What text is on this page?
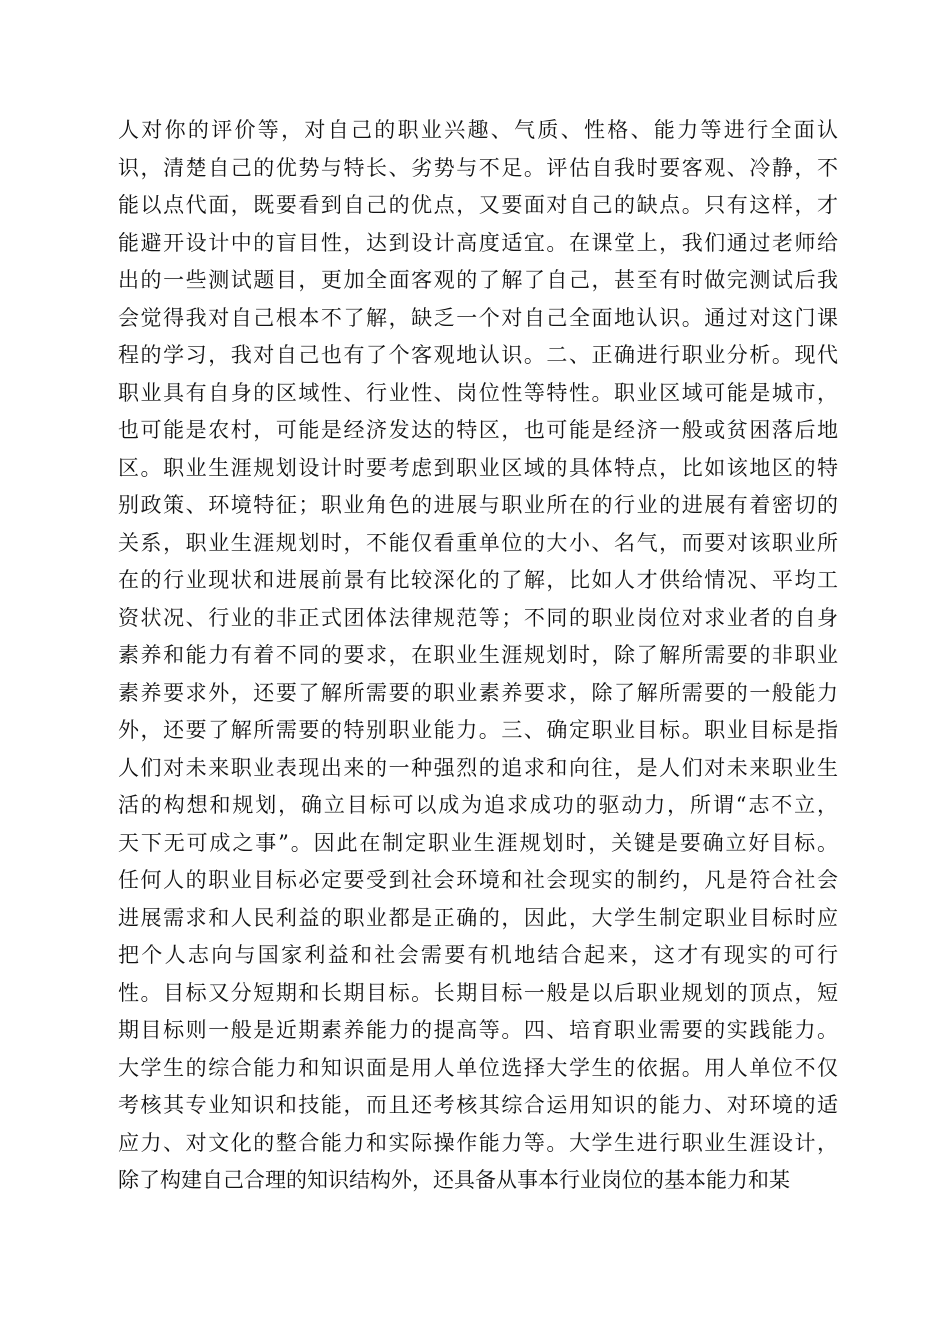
人对你的评价等，对自己的职业兴趣、气质、性格、能力等进行全面认
识，清楚自己的优势与特长、劣势与不足。评估自我时要客观、冷静，不
能以点代面，既要看到自己的优点，又要面对自己的缺点。只有这样，才
能避开设计中的盲目性，达到设计高度适宜。在课堂上，我们通过老师给
出的一些测试题目，更加全面客观的了解了自己，甚至有时做完测试后我
会觉得我对自己根本不了解，缺乏一个对自己全面地认识。通过对这门课
程的学习，我对自己也有了个客观地认识。二、正确进行职业分析。现代
职业具有自身的区域性、行业性、岗位性等特性。职业区域可能是城市，
也可能是农村，可能是经济发达的特区，也可能是经济一般或贫困落后地
区。职业生涯规划设计时要考虑到职业区域的具体特点，比如该地区的特
别政策、环境特征；职业角色的进展与职业所在的行业的进展有着密切的
关系，职业生涯规划时，不能仅看重单位的大小、名气，而要对该职业所
在的行业现状和进展前景有比较深化的了解，比如人才供给情况、平均工
资状况、行业的非正式团体法律规范等；不同的职业岗位对求业者的自身
素养和能力有着不同的要求，在职业生涯规划时，除了解所需要的非职业
素养要求外，还要了解所需要的职业素养要求，除了解所需要的一般能力
外，还要了解所需要的特别职业能力。三、确定职业目标。职业目标是指
人们对未来职业表现出来的一种强烈的追求和向往，是人们对未来职业生
活的构想和规划，确立目标可以成为追求成功的驱动力，所谓“志不立，
天下无可成之事”。因此在制定职业生涯规划时，关键是要确立好目标。
任何人的职业目标必定要受到社会环境和社会现实的制约，凡是符合社会
进展需求和人民利益的职业都是正确的，因此，大学生制定职业目标时应
把个人志向与国家利益和社会需要有机地结合起来，这才有现实的可行
性。目标又分短期和长期目标。长期目标一般是以后职业规划的顶点，短
期目标则一般是近期素养能力的提高等。四、培育职业需要的实践能力。
大学生的综合能力和知识面是用人单位选择大学生的依据。用人单位不仅
考核其专业知识和技能，而且还考核其综合运用知识的能力、对环境的适
应力、对文化的整合能力和实际操作能力等。大学生进行职业生涯设计，
除了构建自己合理的知识结构外，还具备从事本行业岗位的基本能力和某
